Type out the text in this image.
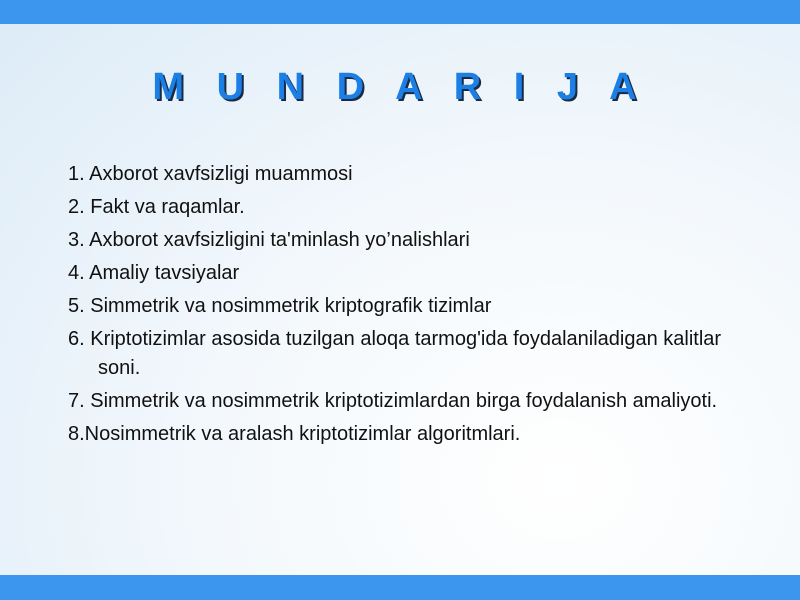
M U N D A R I J A
1. Axborot xavfsizligi muammosi
2. Fakt va raqamlar.
3. Axborot xavfsizligini ta'minlash yo’nalishlari
4. Amaliy tavsiyalar
5. Simmetrik va nosimmetrik kriptografik tizimlar
6. Kriptotizimlar asosida tuzilgan aloqa tarmog'ida foydalaniladigan kalitlar soni.
7. Simmetrik va nosimmetrik kriptotizimlardan birga foydalanish amaliyoti.
8.Nosimmetrik va aralash kriptotizimlar algoritmlari.
